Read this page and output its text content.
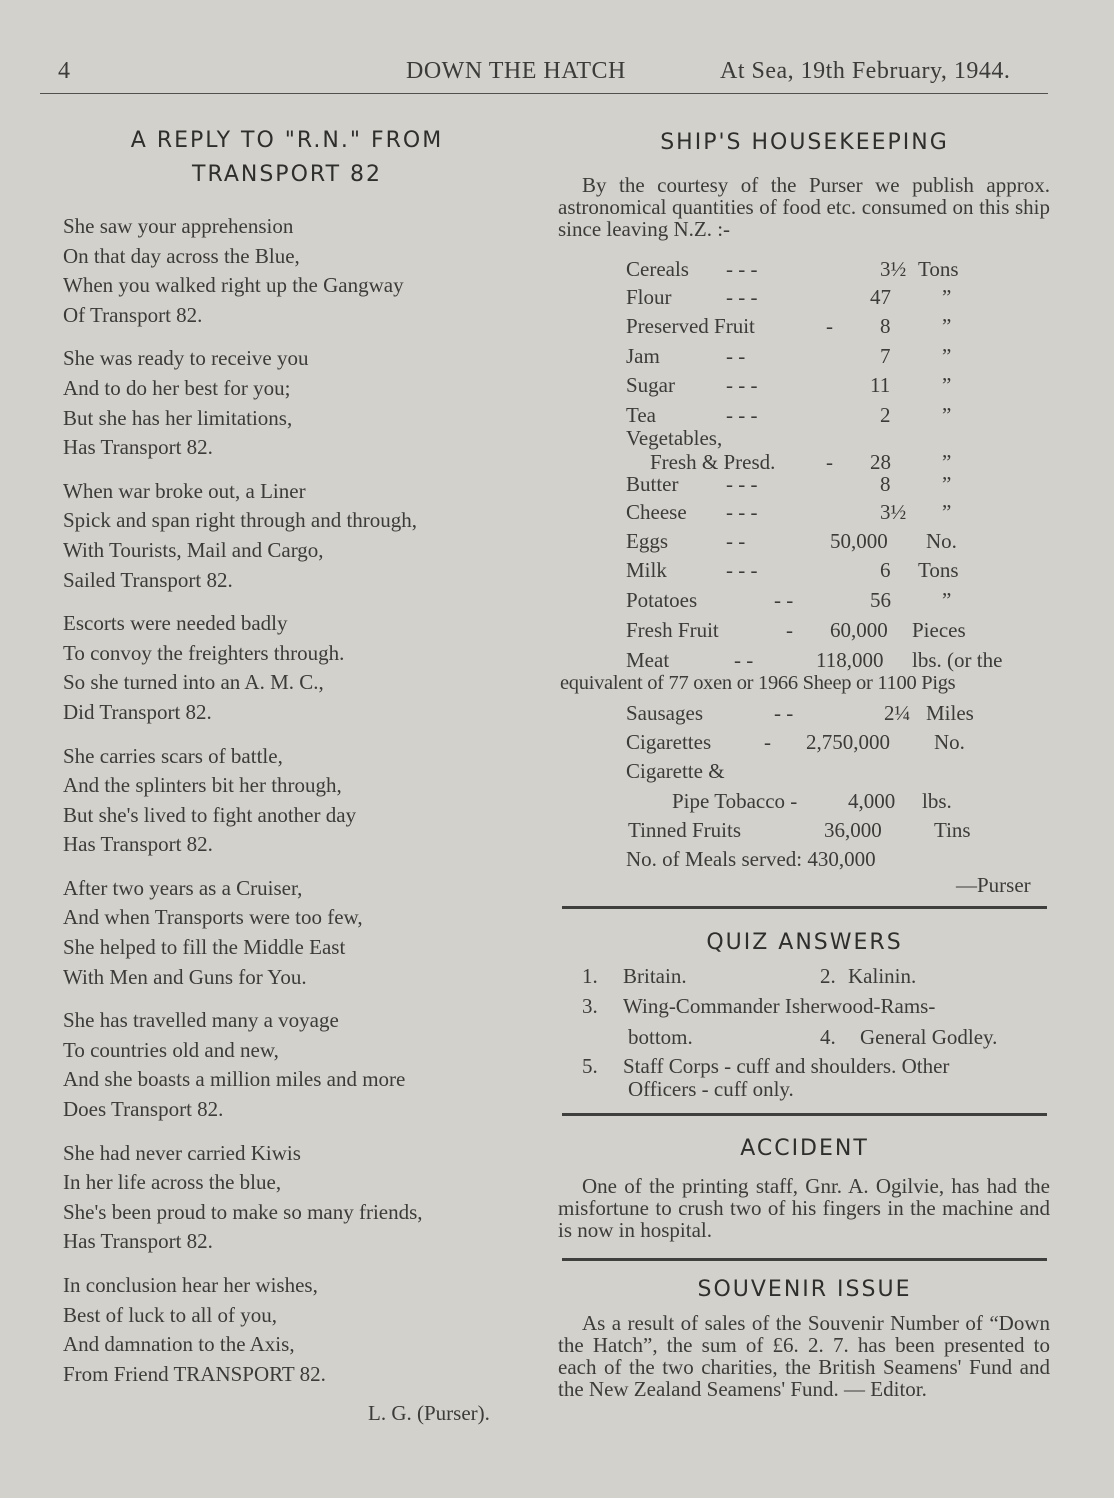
4	DOWN THE HATCH	At Sea, 19th February, 1944.
A REPLY TO "R.N." FROM
TRANSPORT 82
She saw your apprehension
On that day across the Blue,
When you walked right up the Gangway
Of Transport 82.
She was ready to receive you
And to do her best for you;
But she has her limitations,
Has Transport 82.
When war broke out, a Liner
Spick and span right through and through,
With Tourists, Mail and Cargo,
Sailed Transport 82.
Escorts were needed badly
To convoy the freighters through.
So she turned into an A. M. C.,
Did Transport 82.
She carries scars of battle,
And the splinters bit her through,
But she's lived to fight another day
Has Transport 82.
After two years as a Cruiser,
And when Transports were too few,
She helped to fill the Middle East
With Men and Guns for You.
She has travelled many a voyage
To countries old and new,
And she boasts a million miles and more
Does Transport 82.
She had never carried Kiwis
In her life across the blue,
She's been proud to make so many friends,
Has Transport 82.
In conclusion hear her wishes,
Best of luck to all of you,
And damnation to the Axis,
From Friend TRANSPORT 82.
L. G. (Purser).
SHIP'S HOUSEKEEPING
By the courtesy of the Purser we publish approx. astronomical quantities of food etc. consumed on this ship since leaving N.Z. :-
Cereals - - -	3½ Tons
Flour	- - -	47 ”
Preserved Fruit	- 8 ”
Jam	- -	7 ”
Sugar - - -	11 ”
Tea	- - -	2 ”
Vegetables,
Fresh & Presd. - 28 ”
Butter - - -	8 ”
Cheese - - -	3½ ”
Eggs	- -	50,000 No.
Milk	- - -	6 Tons
Potatoes	- -	56 ”
Fresh Fruit	- 60,000 Pieces
Meat	- -	118,000 lbs. (or the
equivalent of 77 oxen or 1966 Sheep or 1100 Pigs
Sausages	- -	2¼ Miles
Cigarettes	- 2,750,000 No.
Cigarette &
Pipe Tobacco - 4,000 lbs.
Tinned Fruits	36,000 Tins
No. of Meals served: 430,000
—Purser
QUIZ ANSWERS
1. Britain.	2. Kalinin.
3. Wing-Commander Isherwood-Rams-
bottom.	4. General Godley.
5. Staff Corps - cuff and shoulders. Other
Officers - cuff only.
ACCIDENT
One of the printing staff, Gnr. A. Ogilvie, has had the misfortune to crush two of his fingers in the machine and is now in hospital.
SOUVENIR ISSUE
As a result of sales of the Souvenir Number of “Down the Hatch”, the sum of £6. 2. 7. has been presented to each of the two charities, the British Seamens' Fund and the New Zealand Seamens' Fund. — Editor.
